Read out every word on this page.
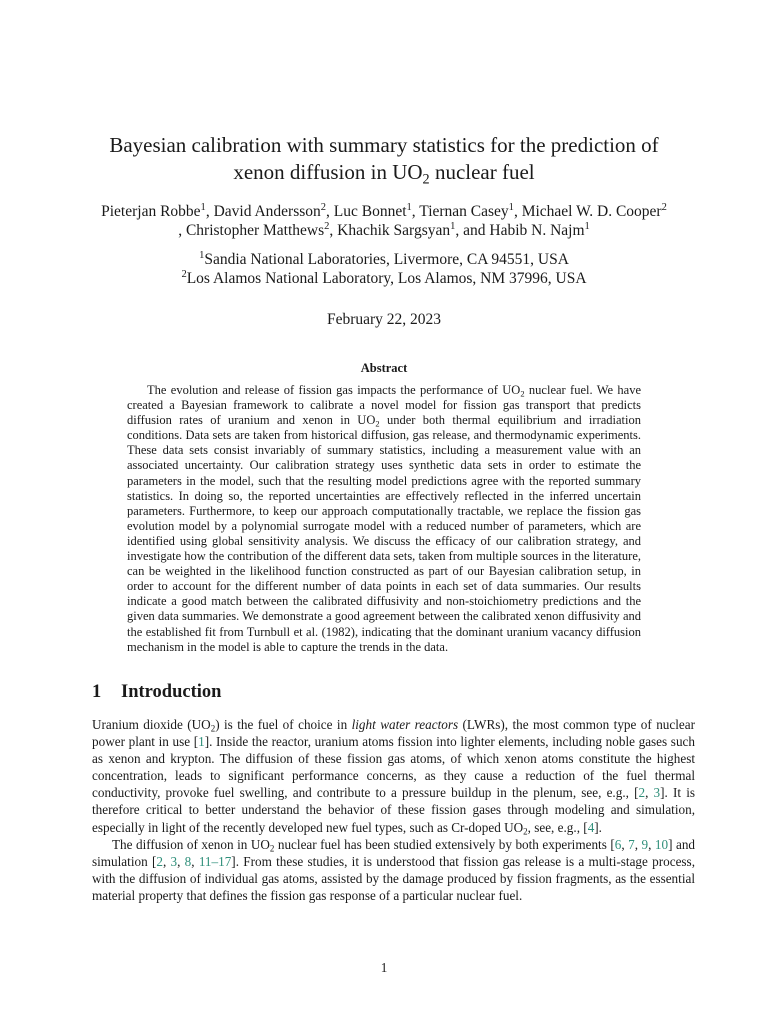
Bayesian calibration with summary statistics for the prediction of
xenon diffusion in $UO_2$ nuclear fuel
Pieterjan Robbe$^1$, David Andersson$^2$, Luc Bonnet$^1$, Tiernan Casey$^1$, Michael W. D. Cooper$^2$
, Christopher Matthews$^2$, Khachik Sargsyan$^1$, and Habib N. Najm$^1$
$^1$Sandia National Laboratories, Livermore, CA 94551, USA
$^2$Los Alamos National Laboratory, Los Alamos, NM 37996, USA
February 22, 2023
Abstract
The evolution and release of fission gas impacts the performance of $UO_2$ nuclear fuel. We have created a Bayesian framework to calibrate a novel model for fission gas transport that predicts diffusion rates of uranium and xenon in $UO_2$ under both thermal equilibrium and irradiation conditions. Data sets are taken from historical diffusion, gas release, and thermodynamic experiments. These data sets consist invariably of summary statistics, including a measurement value with an associated uncertainty. Our calibration strategy uses synthetic data sets in order to estimate the parameters in the model, such that the resulting model predictions agree with the reported summary statistics. In doing so, the reported uncertainties are effectively reflected in the inferred uncertain parameters. Furthermore, to keep our approach computationally tractable, we replace the fission gas evolution model by a polynomial surrogate model with a reduced number of parameters, which are identified using global sensitivity analysis. We discuss the efficacy of our calibration strategy, and investigate how the contribution of the different data sets, taken from multiple sources in the literature, can be weighted in the likelihood function constructed as part of our Bayesian calibration setup, in order to account for the different number of data points in each set of data summaries. Our results indicate a good match between the calibrated diffusivity and non-stoichiometry predictions and the given data summaries. We demonstrate a good agreement between the calibrated xenon diffusivity and the established fit from Turnbull et al. (1982), indicating that the dominant uranium vacancy diffusion mechanism in the model is able to capture the trends in the data.
1 Introduction

Uranium dioxide $(UO_2)$ is the fuel of choice in light water reactors (LWRs), the most common type of nuclear power plant in use [1]. Inside the reactor, uranium atoms fission into lighter elements, including noble gases such as xenon and krypton. The diffusion of these fission gas atoms, of which xenon atoms constitute the highest concentration, leads to significant performance concerns, as they cause a reduction of the fuel thermal conductivity, provoke fuel swelling, and contribute to a pressure buildup in the plenum, see, e.g., [2, 3]. It is therefore critical to better understand the behavior of these fission gases through modeling and simulation, especially in light of the recently developed new fuel types, such as Cr-doped $UO_2$, see, e.g., [4].

The diffusion of xenon in $UO_2$ nuclear fuel has been studied extensively by both experiments [6, 7, 9, 10] and simulation [2, 3, 8, 11–17]. From these studies, it is understood that fission gas release is a multi-stage process, with the diffusion of individual gas atoms, assisted by the damage produced by fission fragments, as the essential material property that defines the fission gas response of a particular nuclear fuel.

1
